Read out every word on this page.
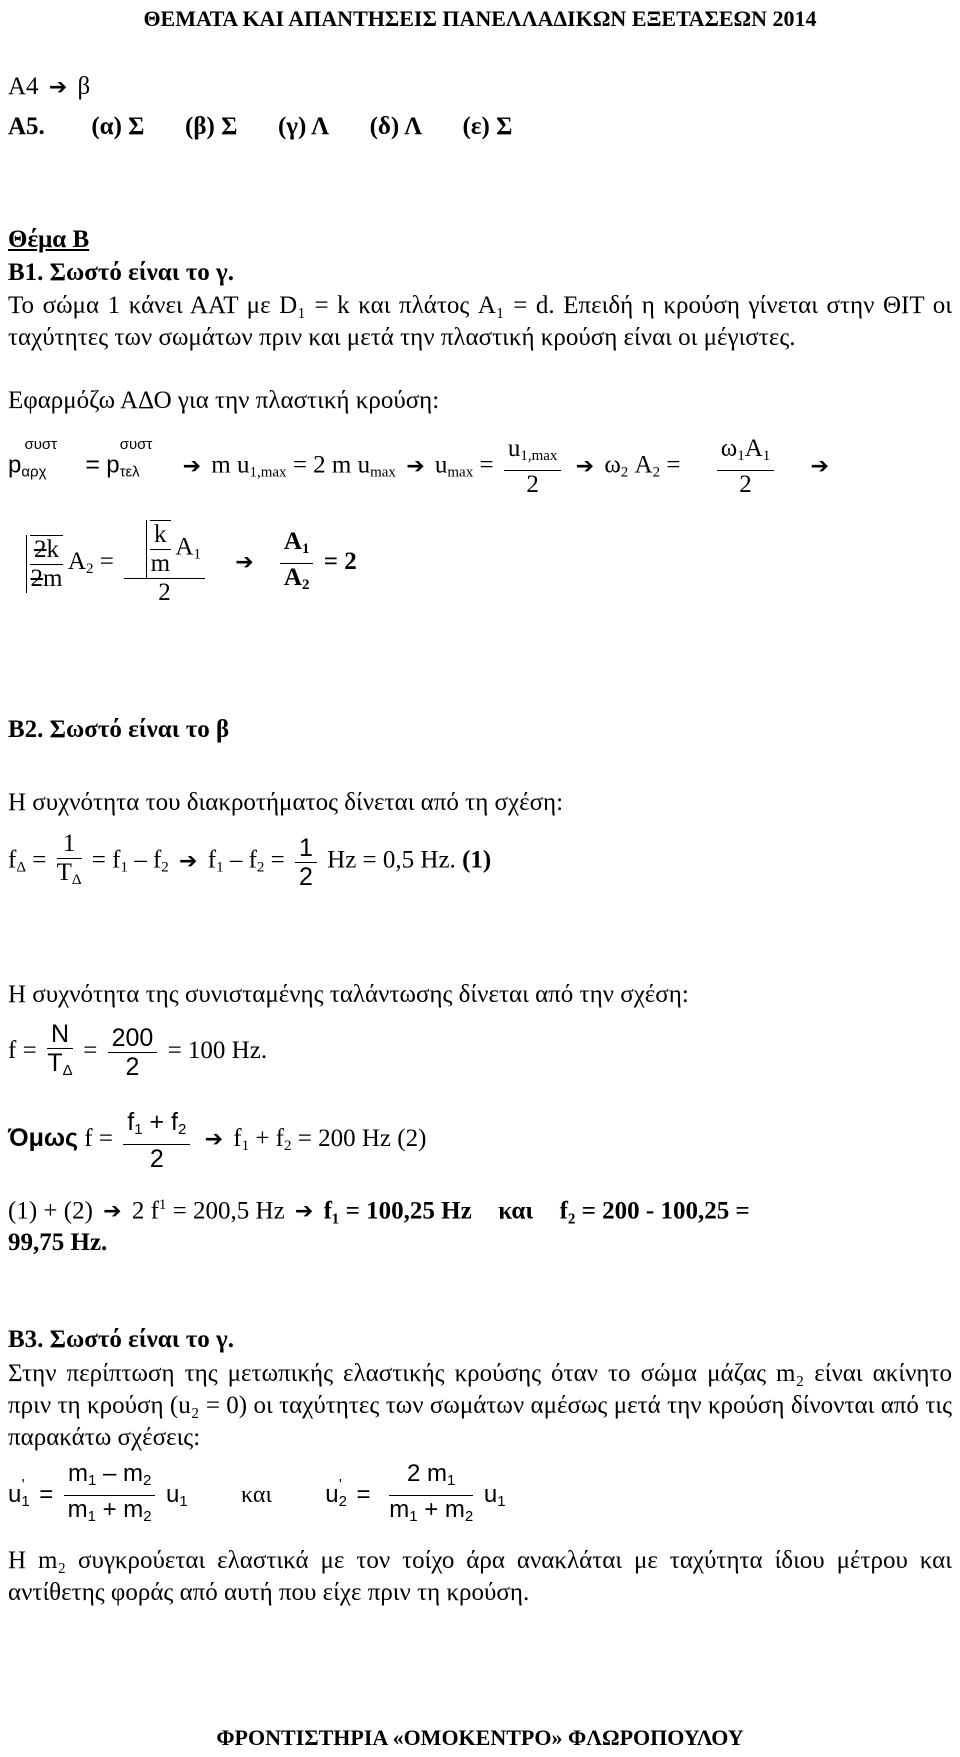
ΘΕΜΑΤΑ ΚΑΙ ΑΠΑΝΤΗΣΕΙΣ ΠΑΝΕΛΛΑΔΙΚΩΝ ΕΞΕΤΑΣΕΩΝ 2014
Α4 ➔ β
Α5. (α) Σ (β) Σ (γ) Λ (δ) Λ (ε) Σ
Θέμα Β
Β1. Σωστό είναι το γ.
Το σώμα 1 κάνει ΑΑΤ με D₁ = k και πλάτος A₁ = d. Επειδή η κρούση γίνεται στην ΘΙΤ οι ταχύτητες των σωμάτων πριν και μετά την πλαστική κρούση είναι οι μέγιστες.
Εφαρμόζω ΑΔΟ για την πλαστική κρούση:
$p_{\alpha\rho\chi}^{\sigma\upsilon\sigma\tau} = p_{\tau\varepsilon\lambda}^{\sigma\upsilon\sigma\tau}$ ➔ m $u_{1,max} = 2$ m $u_{max}$ ➔ $u_{max} = \frac{u_{1,max}}{2}$ ➔ $\omega_2$ $A_2 = \frac{\omega_1A_1}{2}$ ➔
$\frac{2k}{2m} A_2 = \frac{\frac{k}{m} A_1}{2}$ ➔ $\frac{A_1}{A_2} = 2$
Β2. Σωστό είναι το β
Η συχνότητα του διακροτήματος δίνεται από τη σχέση:
$f_\Delta = \frac{1}{T_\Delta} = f_1 - f_2$ ➔ $f_1 - f_2 = \frac{1}{2}$ Hz = 0,5 Hz. (1)
Η συχνότητα της συνισταμένης ταλάντωσης δίνεται από την σχέση:
$f = \frac{N}{T_\Delta} = \frac{200}{2} = 100$ Hz.
Όμως $f = \frac{f_1 + f_2}{2}$ ➔ $f_1 + f_2 = 200$ Hz (2)
(1) + (2) ➔ 2 $f^1 = 200,5$ Hz ➔ f₁ = 100,25 Hz και f₂ = 200 - 100,25 =
99,75 Hz.
Β3. Σωστό είναι το γ.
Στην περίπτωση της μετωπικής ελαστικής κρούσης όταν το σώμα μάζας m₂ είναι ακίνητο πριν τη κρούση (u₂ = 0) οι ταχύτητες των σωμάτων αμέσως μετά την κρούση δίνονται από τις παρακάτω σχέσεις:
$u_1' = \frac{m_1 - m_2}{m_1 + m_2} u_1$ και  $u_2' = \frac{2 m_1}{m_1 + m_2} u_1$
Η m₂ συγκρούεται ελαστικά με τον τοίχο άρα ανακλάται με ταχύτητα ίδιου μέτρου και αντίθετης φοράς από αυτή που είχε πριν τη κρούση.
ΦΡΟΝΤΙΣΤΗΡΙΑ «ΟΜΟΚΕΝΤΡΟ» ΦΛΩΡΟΠΟΥΛΟΥ
